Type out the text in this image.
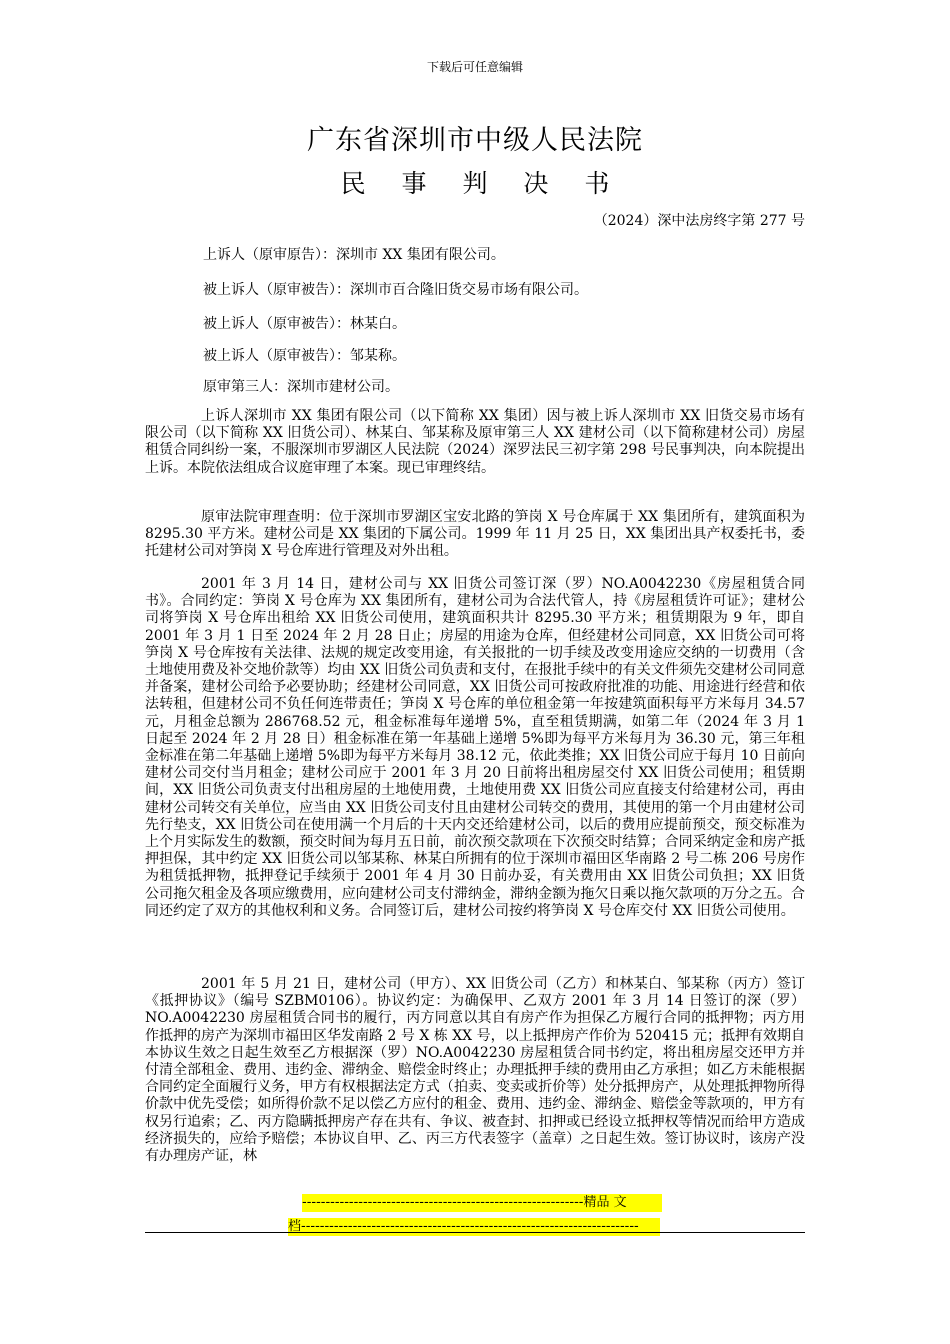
下载后可任意编辑
广东省深圳市中级人民法院
民 事 判 决 书
（2024）深中法房终字第 277 号
上诉人（原审原告）：深圳市 XX 集团有限公司。
被上诉人（原审被告）：深圳市百合隆旧货交易市场有限公司。
被上诉人（原审被告）：林某白。
被上诉人（原审被告）：邹某称。
原审第三人：深圳市建材公司。

上诉人深圳市 XX 集团有限公司（以下简称 XX 集团）因与被上诉人深圳市 XX 旧货交易市场有限公司（以下简称 XX 旧货公司）、林某白、邹某称及原审第三人 XX 建材公司（以下简称建材公司）房屋租赁合同纠纷一案，不服深圳市罗湖区人民法院（2024）深罗法民三初字第 298 号民事判决，向本院提出上诉。本院依法组成合议庭审理了本案。现已审理终结。

原审法院审理查明：位于深圳市罗湖区宝安北路的笋岗 X 号仓库属于 XX 集团所有，建筑面积为 8295.30 平方米。建材公司是 XX 集团的下属公司。1999 年 11 月 25 日，XX 集团出具产权委托书，委托建材公司对笋岗 X 号仓库进行管理及对外出租。

2001 年 3 月 14 日，建材公司与 XX 旧货公司签订深（罗）NO.A0042230《房屋租赁合同书》。合同约定：笋岗 X 号仓库为 XX 集团所有，建材公司为合法代管人，持《房屋租赁许可证》；建材公司将笋岗 X 号仓库出租给 XX 旧货公司使用，建筑面积共计 8295.30 平方米；租赁期限为 9 年，即自 2001 年 3 月 1 日至 2024 年 2 月 28 日止；房屋的用途为仓库，但经建材公司同意，XX 旧货公司可将笋岗 X 号仓库按有关法律、法规的规定改变用途，有关报批的一切手续及改变用途应交纳的一切费用（含土地使用费及补交地价款等）均由 XX 旧货公司负责和支付，在报批手续中的有关文件须先交建材公司同意并备案，建材公司给予必要协助；经建材公司同意，XX 旧货公司可按政府批准的功能、用途进行经营和依法转租，但建材公司不负任何连带责任；笋岗 X 号仓库的单位租金第一年按建筑面积每平方米每月 34.57 元，月租金总额为 286768.52 元，租金标准每年递增 5%，直至租赁期满，如第二年（2024 年 3 月 1 日起至 2024 年 2 月 28 日）租金标准在第一年基础上递增 5%即为每平方米每月为 36.30 元，第三年租金标准在第二年基础上递增 5%即为每平方米每月 38.12 元，依此类推；XX 旧货公司应于每月 10 日前向建材公司交付当月租金；建材公司应于 2001 年 3 月 20 日前将出租房屋交付 XX 旧货公司使用；租赁期间，XX 旧货公司负责支付出租房屋的土地使用费，土地使用费 XX 旧货公司应直接支付给建材公司，再由建材公司转交有关单位，应当由 XX 旧货公司支付且由建材公司转交的费用，其使用的第一个月由建材公司先行垫支，XX 旧货公司在使用满一个月后的十天内交还给建材公司，以后的费用应提前预交，预交标准为上个月实际发生的数额，预交时间为每月五日前，前次预交款项在下次预交时结算；合同采纳定金和房产抵押担保，其中约定 XX 旧货公司以邹某称、林某白所拥有的位于深圳市福田区华南路 2 号二栋 206 号房作为租赁抵押物，抵押登记手续须于 2001 年 4 月 30 日前办妥，有关费用由 XX 旧货公司负担；XX 旧货公司拖欠租金及各项应缴费用，应向建材公司支付滞纳金，滞纳金额为拖欠日乘以拖欠款项的万分之五。合同还约定了双方的其他权利和义务。合同签订后，建材公司按约将笋岗 X 号仓库交付 XX 旧货公司使用。

2001 年 5 月 21 日，建材公司（甲方）、XX 旧货公司（乙方）和林某白、邹某称（丙方）签订《抵押协议》（编号 SZBM0106）。协议约定：为确保甲、乙双方 2001 年 3 月 14 日签订的深（罗）NO.A0042230 房屋租赁合同书的履行，丙方同意以其自有房产作为担保乙方履行合同的抵押物；丙方用作抵押的房产为深圳市福田区华发南路 2 号 X 栋 XX 号，以上抵押房产作价为 520415 元；抵押有效期自本协议生效之日起生效至乙方根据深（罗）NO.A0042230 房屋租赁合同书约定，将出租房屋交还甲方并付清全部租金、费用、违约金、滞纳金、赔偿金时终止；办理抵押手续的费用由乙方承担；如乙方未能根据合同约定全面履行义务，甲方有权根据法定方式（拍卖、变卖或折价等）处分抵押房产，从处理抵押物所得价款中优先受偿；如所得价款不足以偿乙方应付的租金、费用、违约金、滞纳金、赔偿金等款项的，甲方有权另行追索；乙、丙方隐瞒抵押房产存在共有、争议、被查封、扣押或已经设立抵押权等情况而给甲方造成经济损失的，应给予赔偿；本协议自甲、乙、丙三方代表签字（盖章）之日起生效。签订协议时，该房产没有办理房产证，林

------------------------------------------------------------精品 文
档------------------------------------------------------------------------
